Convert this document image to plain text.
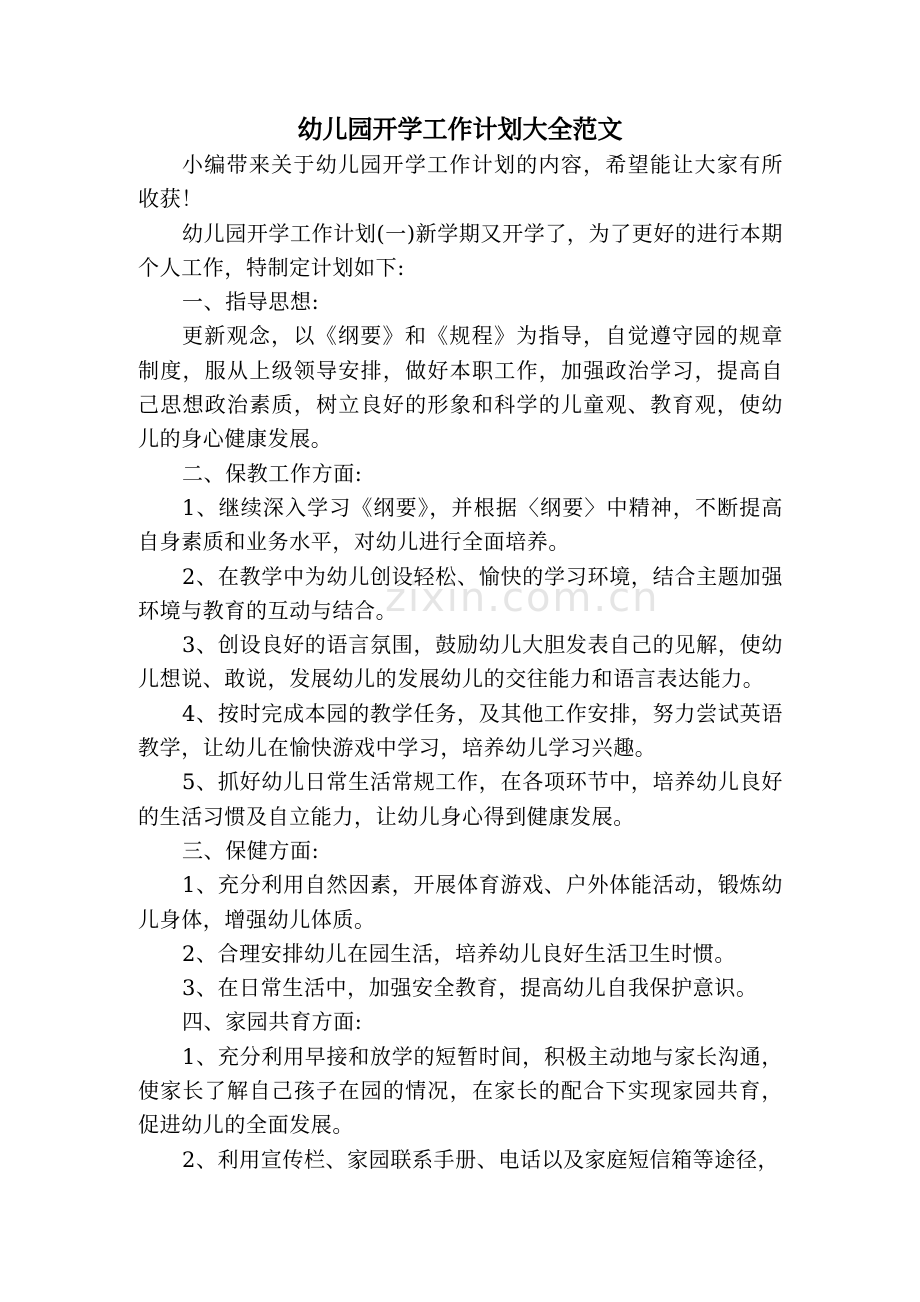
幼儿园开学工作计划大全范文

小编带来关于幼儿园开学工作计划的内容，希望能让大家有所收获！

幼儿园开学工作计划(一)新学期又开学了，为了更好的进行本期个人工作，特制定计划如下:

一、指导思想:

更新观念，以《纲要》和《规程》为指导，自觉遵守园的规章制度，服从上级领导安排，做好本职工作，加强政治学习，提高自己思想政治素质，树立良好的形象和科学的儿童观、教育观，使幼儿的身心健康发展。

二、保教工作方面:

1、继续深入学习《纲要》，并根据〈纲要〉中精神，不断提高自身素质和业务水平，对幼儿进行全面培养。

2、在教学中为幼儿创设轻松、愉快的学习环境，结合主题加强环境与教育的互动与结合。

3、创设良好的语言氛围，鼓励幼儿大胆发表自己的见解，使幼儿想说、敢说，发展幼儿的发展幼儿的交往能力和语言表达能力。

4、按时完成本园的教学任务，及其他工作安排，努力尝试英语教学，让幼儿在愉快游戏中学习，培养幼儿学习兴趣。

5、抓好幼儿日常生活常规工作，在各项环节中，培养幼儿良好的生活习惯及自立能力，让幼儿身心得到健康发展。

三、保健方面:

1、充分利用自然因素，开展体育游戏、户外体能活动，锻炼幼儿身体，增强幼儿体质。

2、合理安排幼儿在园生活，培养幼儿良好生活卫生时惯。

3、在日常生活中，加强安全教育，提高幼儿自我保护意识。

四、家园共育方面:

1、充分利用早接和放学的短暂时间，积极主动地与家长沟通，使家长了解自己孩子在园的情况，在家长的配合下实现家园共育，促进幼儿的全面发展。

2、利用宣传栏、家园联系手册、电话以及家庭短信箱等途径，

zixin.com.cn
